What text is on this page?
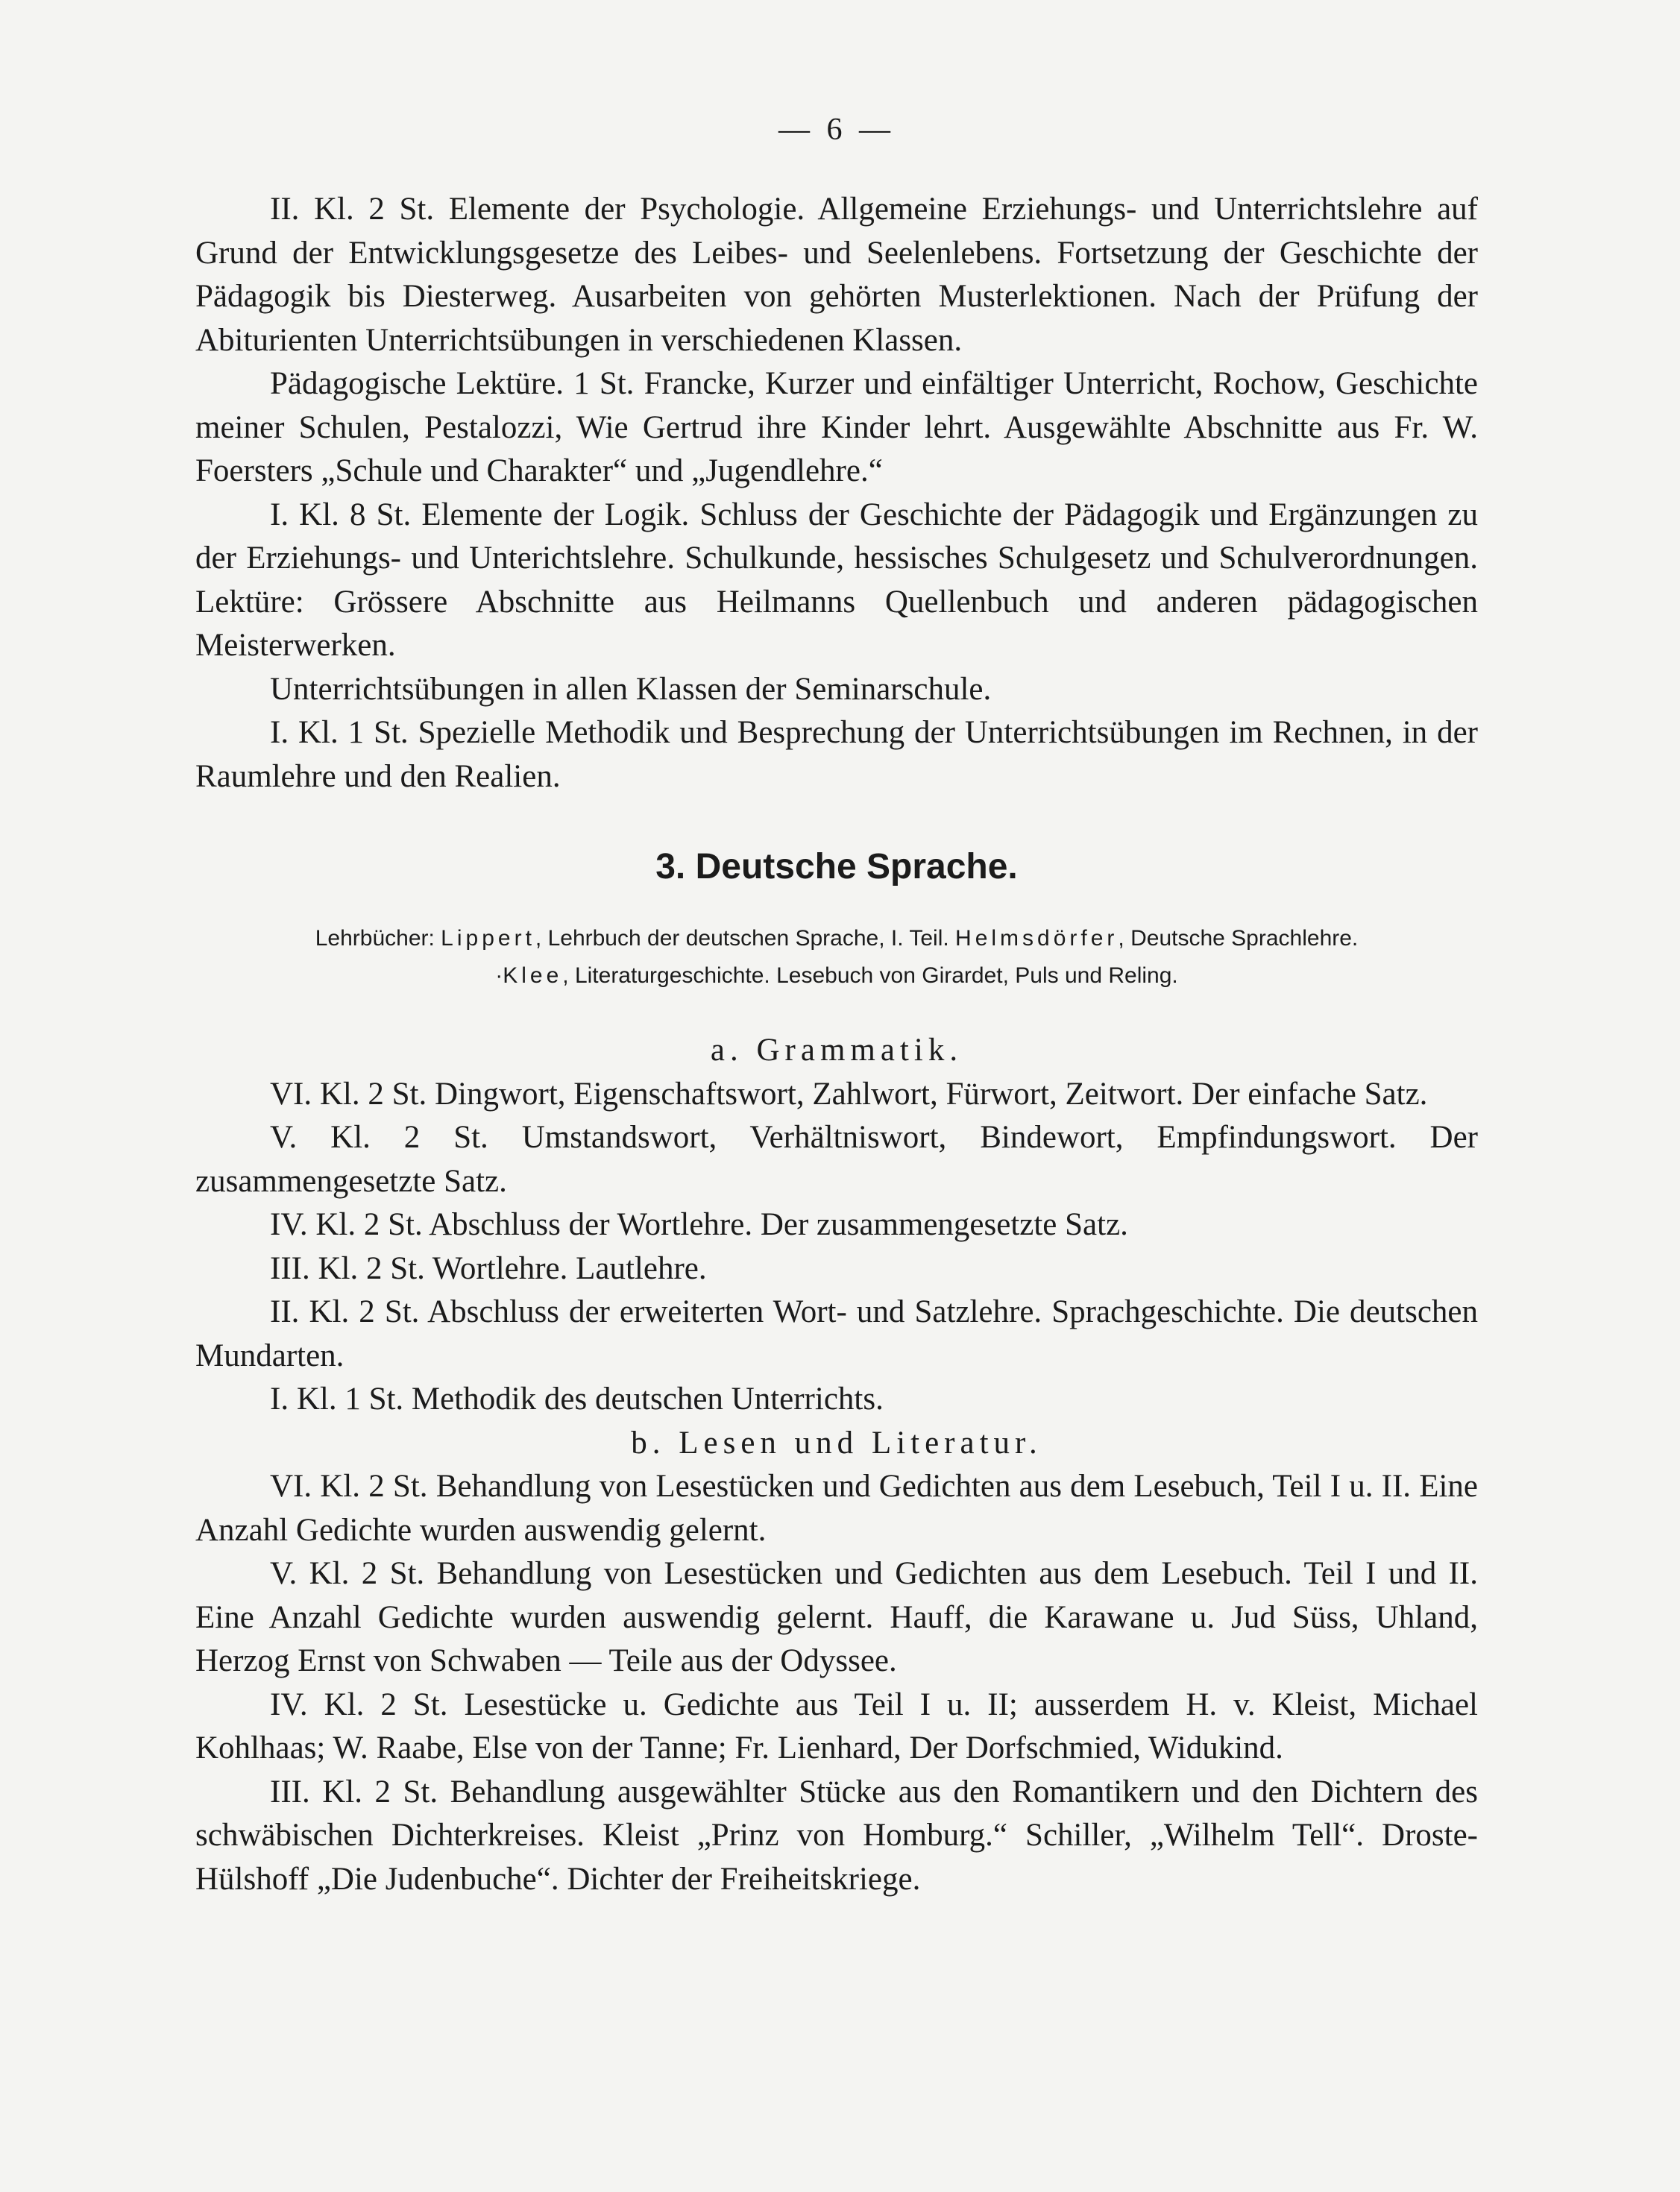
— 6 —

II. Kl. 2 St. Elemente der Psychologie. Allgemeine Erziehungs- und Unterrichtslehre auf Grund der Entwicklungsgesetze des Leibes- und Seelenlebens. Fortsetzung der Geschichte der Pädagogik bis Diesterweg. Ausarbeiten von gehörten Musterlektionen. Nach der Prüfung der Abiturienten Unterrichtsübungen in verschiedenen Klassen.

Pädagogische Lektüre. 1 St. Francke, Kurzer und einfältiger Unterricht, Rochow, Geschichte meiner Schulen, Pestalozzi, Wie Gertrud ihre Kinder lehrt. Ausgewählte Abschnitte aus Fr. W. Foersters „Schule und Charakter“ und „Jugendlehre.“

I. Kl. 8 St. Elemente der Logik. Schluss der Geschichte der Pädagogik und Ergänzungen zu der Erziehungs- und Unterichtslehre. Schulkunde, hessisches Schulgesetz und Schulverordnungen. Lektüre: Grössere Abschnitte aus Heilmanns Quellenbuch und anderen pädagogischen Meisterwerken.

Unterrichtsübungen in allen Klassen der Seminarschule.

I. Kl. 1 St. Spezielle Methodik und Besprechung der Unterrichtsübungen im Rechnen, in der Raumlehre und den Realien.

3. Deutsche Sprache.
Lehrbücher: Lippert, Lehrbuch der deutschen Sprache, I. Teil. Helmsdörfer, Deutsche Sprachlehre.
·Klee, Literaturgeschichte. Lesebuch von Girardet, Puls und Reling.

a. Grammatik.

VI. Kl. 2 St. Dingwort, Eigenschaftswort, Zahlwort, Fürwort, Zeitwort. Der einfache Satz.

V. Kl. 2 St. Umstandswort, Verhältniswort, Bindewort, Empfindungswort. Der zusammengesetzte Satz.

IV. Kl. 2 St. Abschluss der Wortlehre. Der zusammengesetzte Satz.

III. Kl. 2 St. Wortlehre. Lautlehre.

II. Kl. 2 St. Abschluss der erweiterten Wort- und Satzlehre. Sprachgeschichte. Die deutschen Mundarten.

I. Kl. 1 St. Methodik des deutschen Unterrichts.

b. Lesen und Literatur.

VI. Kl. 2 St. Behandlung von Lesestücken und Gedichten aus dem Lesebuch, Teil I u. II. Eine Anzahl Gedichte wurden auswendig gelernt.

V. Kl. 2 St. Behandlung von Lesestücken und Gedichten aus dem Lesebuch. Teil I und II. Eine Anzahl Gedichte wurden auswendig gelernt. Hauff, die Karawane u. Jud Süss, Uhland, Herzog Ernst von Schwaben — Teile aus der Odyssee.

IV. Kl. 2 St. Lesestücke u. Gedichte aus Teil I u. II; ausserdem H. v. Kleist, Michael Kohlhaas; W. Raabe, Else von der Tanne; Fr. Lienhard, Der Dorfschmied, Widukind.

III. Kl. 2 St. Behandlung ausgewählter Stücke aus den Romantikern und den Dichtern des schwäbischen Dichterkreises. Kleist „Prinz von Homburg.“ Schiller, „Wilhelm Tell“. Droste-Hülshoff „Die Judenbuche“. Dichter der Freiheitskriege.
